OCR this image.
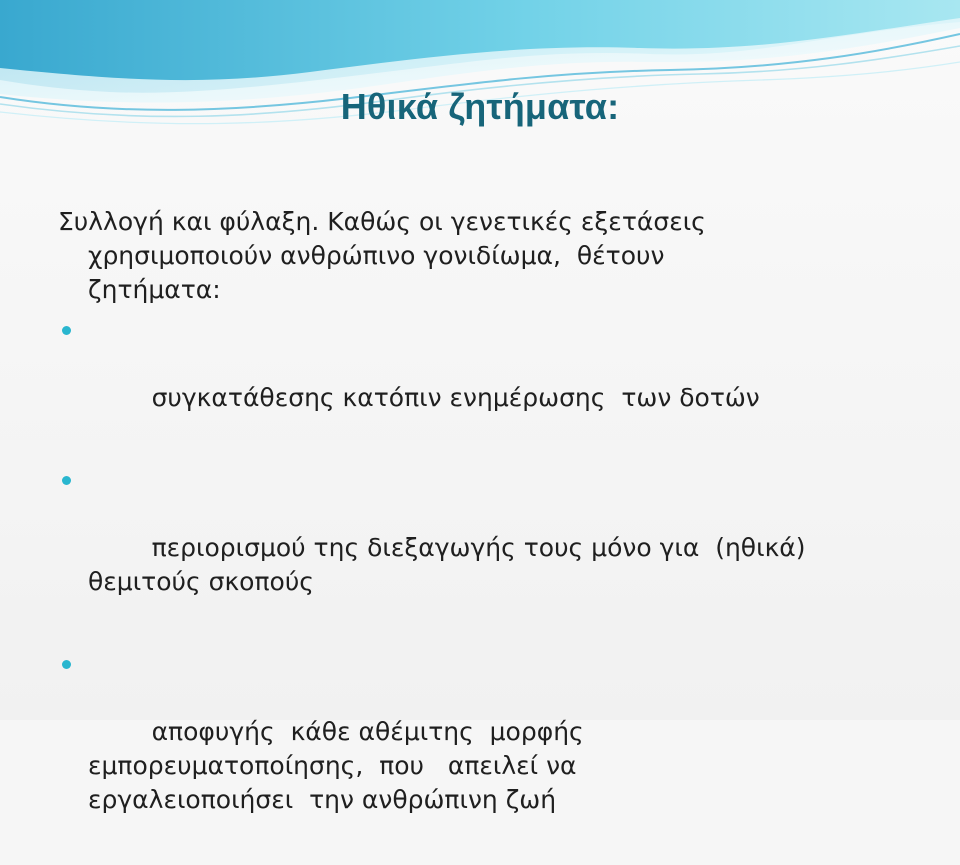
Ηθικά ζητήματα:
Συλλογή και φύλαξη. Καθώς οι γενετικές εξετάσεις
χρησιμοποιούν ανθρώπινο γονιδίωμα,  θέτουν
ζητήματα:

συγκατάθεσης κατόπιν ενημέρωσης  των δοτών

περιορισμού της διεξαγωγής τους μόνο για  (ηθικά)
θεμιτούς σκοπούς

αποφυγής  κάθε αθέμιτης  μορφής
εμπορευματοποίησης,  που   απειλεί να
εργαλειοποιήσει  την ανθρώπινη ζωή
